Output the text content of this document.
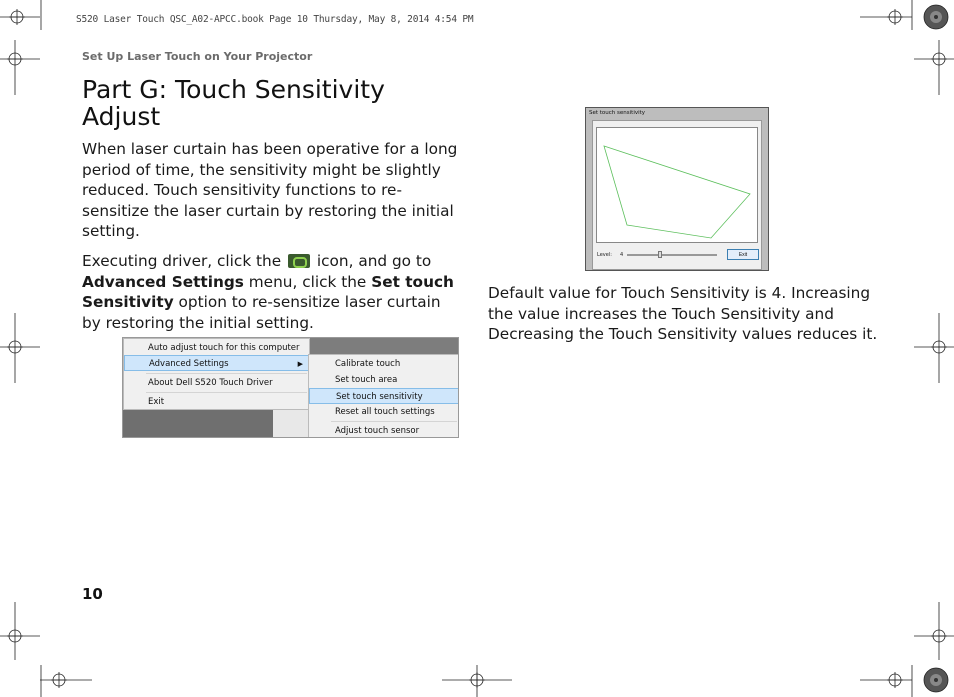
S520 Laser Touch QSC_A02-APCC.book Page 10 Thursday, May 8, 2014 4:54 PM
Set Up Laser Touch on Your Projector
Part G: Touch Sensitivity Adjust

When laser curtain has been operative for a long period of time, the sensitivity might be slightly reduced. Touch sensitivity functions to re-sensitize the laser curtain by restoring the initial setting.

Executing driver, click the  icon, and go to Advanced Settings menu, click the Set touch Sensitivity option to re-sensitize laser curtain by restoring the initial setting.

Auto adjust touch for this computer
Advanced Settings	▶
About Dell S520 Touch Driver
Exit
Calibrate touch
Set touch area
Set touch sensitivity
Reset all touch settings
Adjust touch sensor
Set touch sensitivity
Level: 4	Exit

Default value for Touch Sensitivity is 4. Increasing the value increases the Touch Sensitivity and Decreasing the Touch Sensitivity values reduces it.

10
